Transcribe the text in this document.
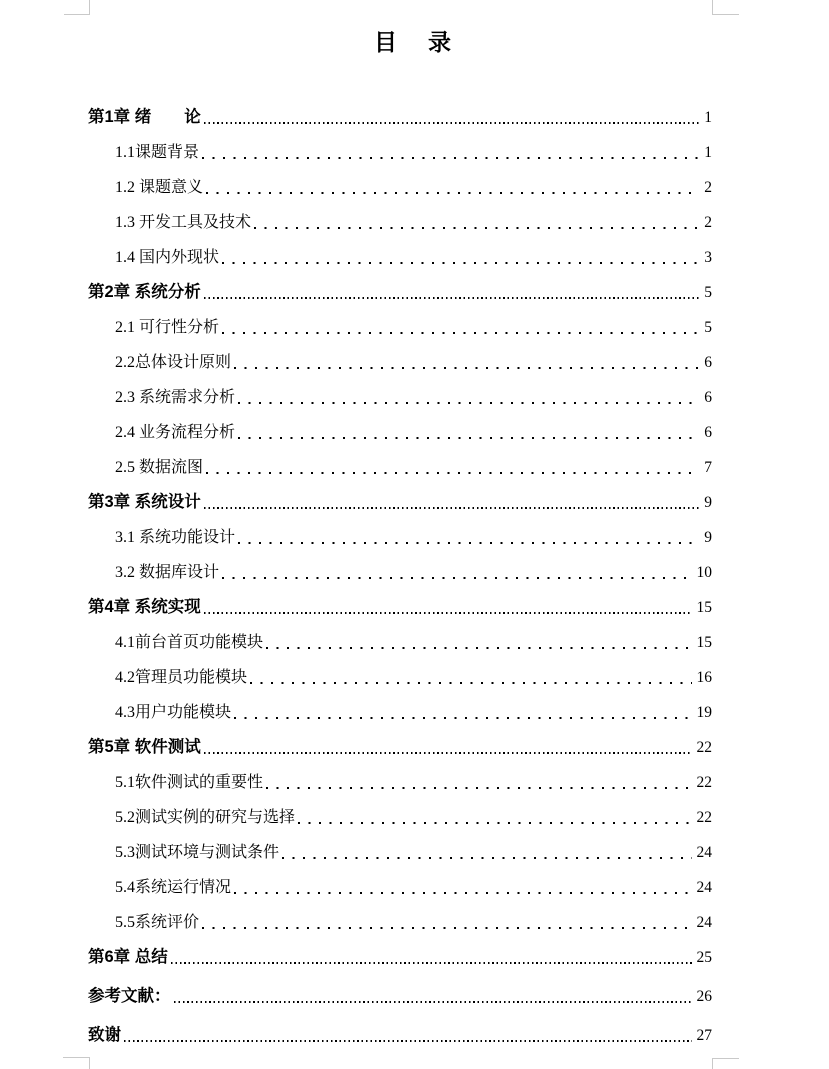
目　录
第1章 绪　　论	1
1.1课题背景	1
1.2 课题意义	2
1.3 开发工具及技术	2
1.4 国内外现状	3
第2章 系统分析	5
2.1 可行性分析	5
2.2总体设计原则	6
2.3 系统需求分析	6
2.4 业务流程分析	6
2.5 数据流图	7
第3章 系统设计	9
3.1 系统功能设计	9
3.2 数据库设计	10
第4章 系统实现	15
4.1前台首页功能模块	15
4.2管理员功能模块	16
4.3用户功能模块	19
第5章 软件测试	22
5.1软件测试的重要性	22
5.2测试实例的研究与选择	22
5.3测试环境与测试条件	24
5.4系统运行情况	24
5.5系统评价	24
第6章 总结	25
参考文献：	26
致谢	27
